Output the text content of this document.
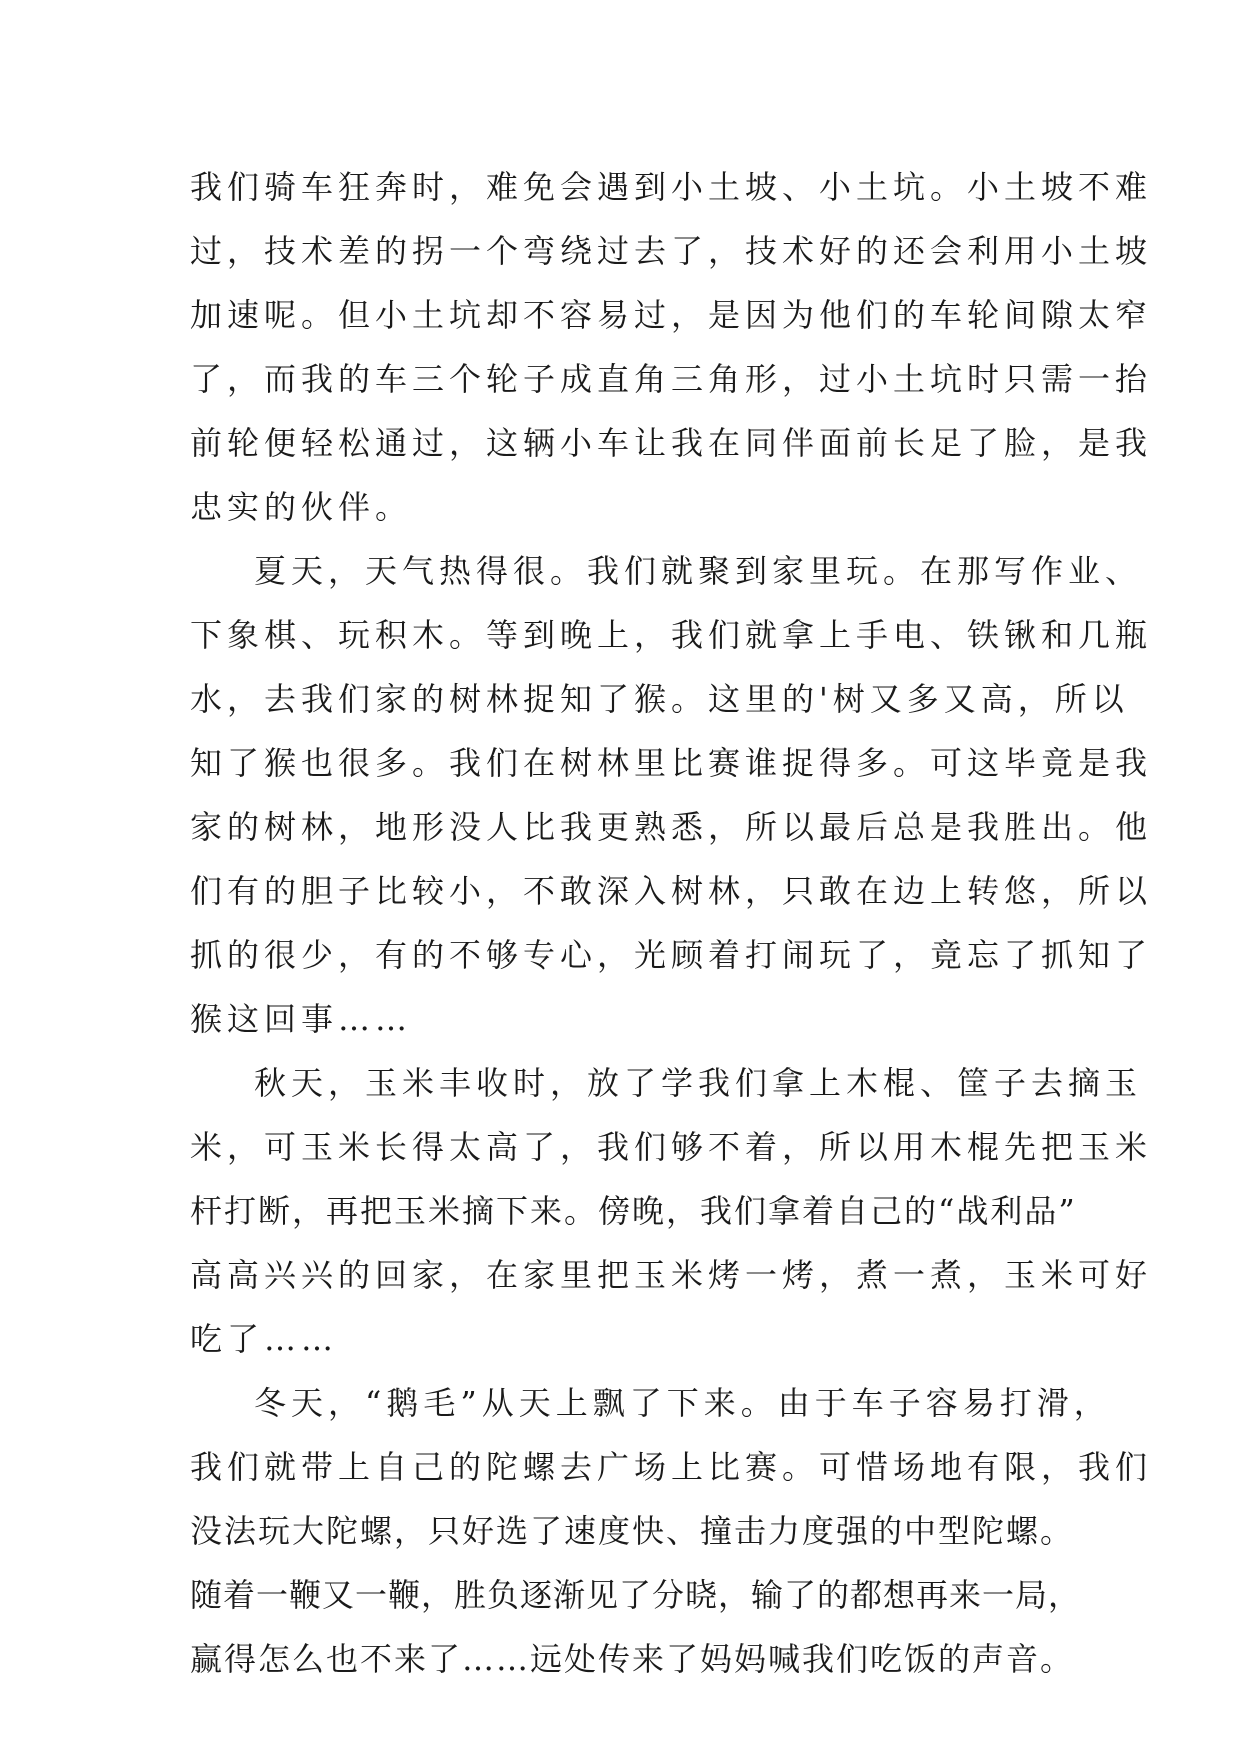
我们骑车狂奔时，难免会遇到小土坡、小土坑。小土坡不难
过，技术差的拐一个弯绕过去了，技术好的还会利用小土坡
加速呢。但小土坑却不容易过，是因为他们的车轮间隙太窄
了，而我的车三个轮子成直角三角形，过小土坑时只需一抬
前轮便轻松通过，这辆小车让我在同伴面前长足了脸，是我
忠实的伙伴。
夏天，天气热得很。我们就聚到家里玩。在那写作业、
下象棋、玩积木。等到晚上，我们就拿上手电、铁锹和几瓶
水，去我们家的树林捉知了猴。这里的'树又多又高，所以
知了猴也很多。我们在树林里比赛谁捉得多。可这毕竟是我
家的树林，地形没人比我更熟悉，所以最后总是我胜出。他
们有的胆子比较小，不敢深入树林，只敢在边上转悠，所以
抓的很少，有的不够专心，光顾着打闹玩了，竟忘了抓知了
猴这回事……
秋天，玉米丰收时，放了学我们拿上木棍、筐子去摘玉
米，可玉米长得太高了，我们够不着，所以用木棍先把玉米
杆打断，再把玉米摘下来。傍晚，我们拿着自己的“战利品”
高高兴兴的回家，在家里把玉米烤一烤，煮一煮，玉米可好
吃了……
冬天，“鹅毛”从天上飘了下来。由于车子容易打滑，
我们就带上自己的陀螺去广场上比赛。可惜场地有限，我们
没法玩大陀螺，只好选了速度快、撞击力度强的中型陀螺。
随着一鞭又一鞭，胜负逐渐见了分晓，输了的都想再来一局，
赢得怎么也不来了……远处传来了妈妈喊我们吃饭的声音。
